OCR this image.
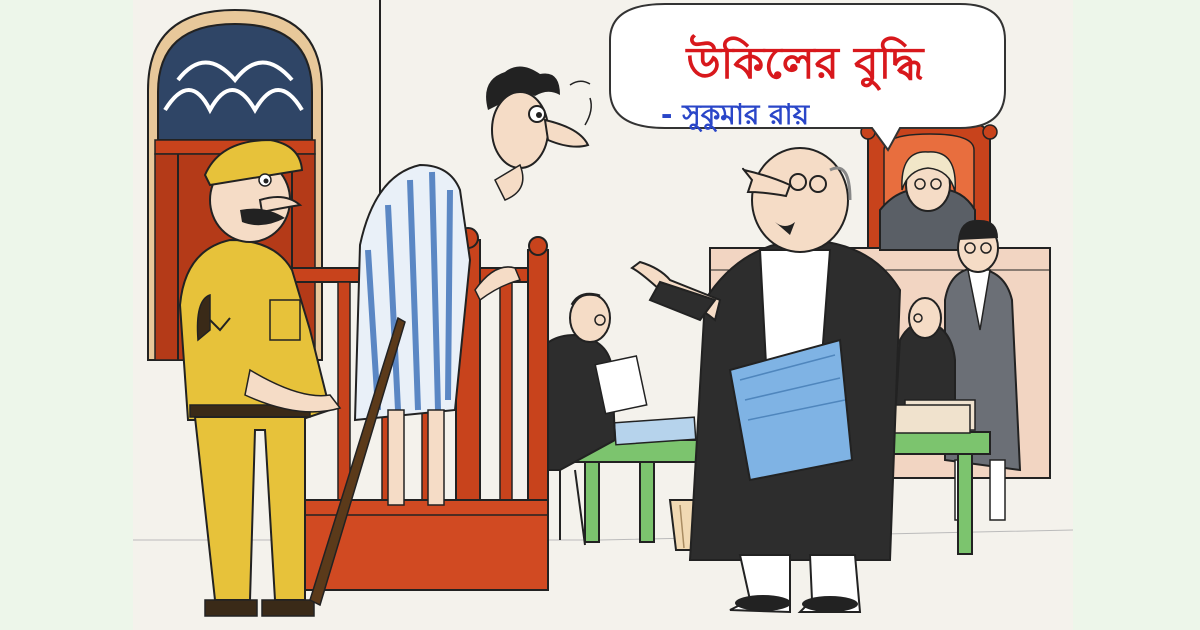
উকিলের বুদ্ধি
- সুকুমার রায়
